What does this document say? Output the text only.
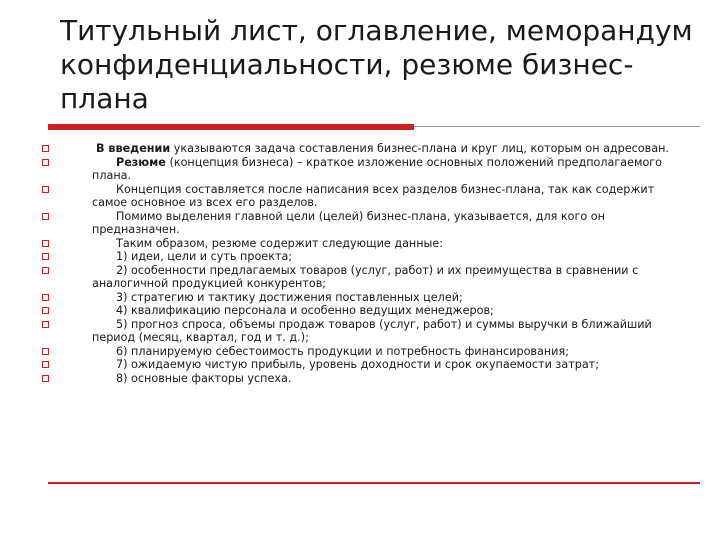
Титульный лист, оглавление, меморандум конфиденциальности, резюме бизнес-плана
В введении указываются задача составления бизнес-плана и круг лиц, которым он адресован.
Резюме (концепция бизнеса) – краткое изложение основных положений предполагаемого плана.
Концепция составляется после написания всех разделов бизнес-плана, так как содержит самое основное из всех его разделов.
Помимо выделения главной цели (целей) бизнес-плана, указывается, для кого он предназначен.
Таким образом, резюме содержит следующие данные:
1) идеи, цели и суть проекта;
2) особенности предлагаемых товаров (услуг, работ) и их преимущества в сравнении с аналогичной продукцией конкурентов;
3) стратегию и тактику достижения поставленных целей;
4) квалификацию персонала и особенно ведущих менеджеров;
5) прогноз спроса, объемы продаж товаров (услуг, работ) и суммы выручки в ближайший период (месяц, квартал, год и т. д.);
6) планируемую себестоимость продукции и потребность финансирования;
7) ожидаемую чистую прибыль, уровень доходности и срок окупаемости затрат;
8) основные факторы успеха.
